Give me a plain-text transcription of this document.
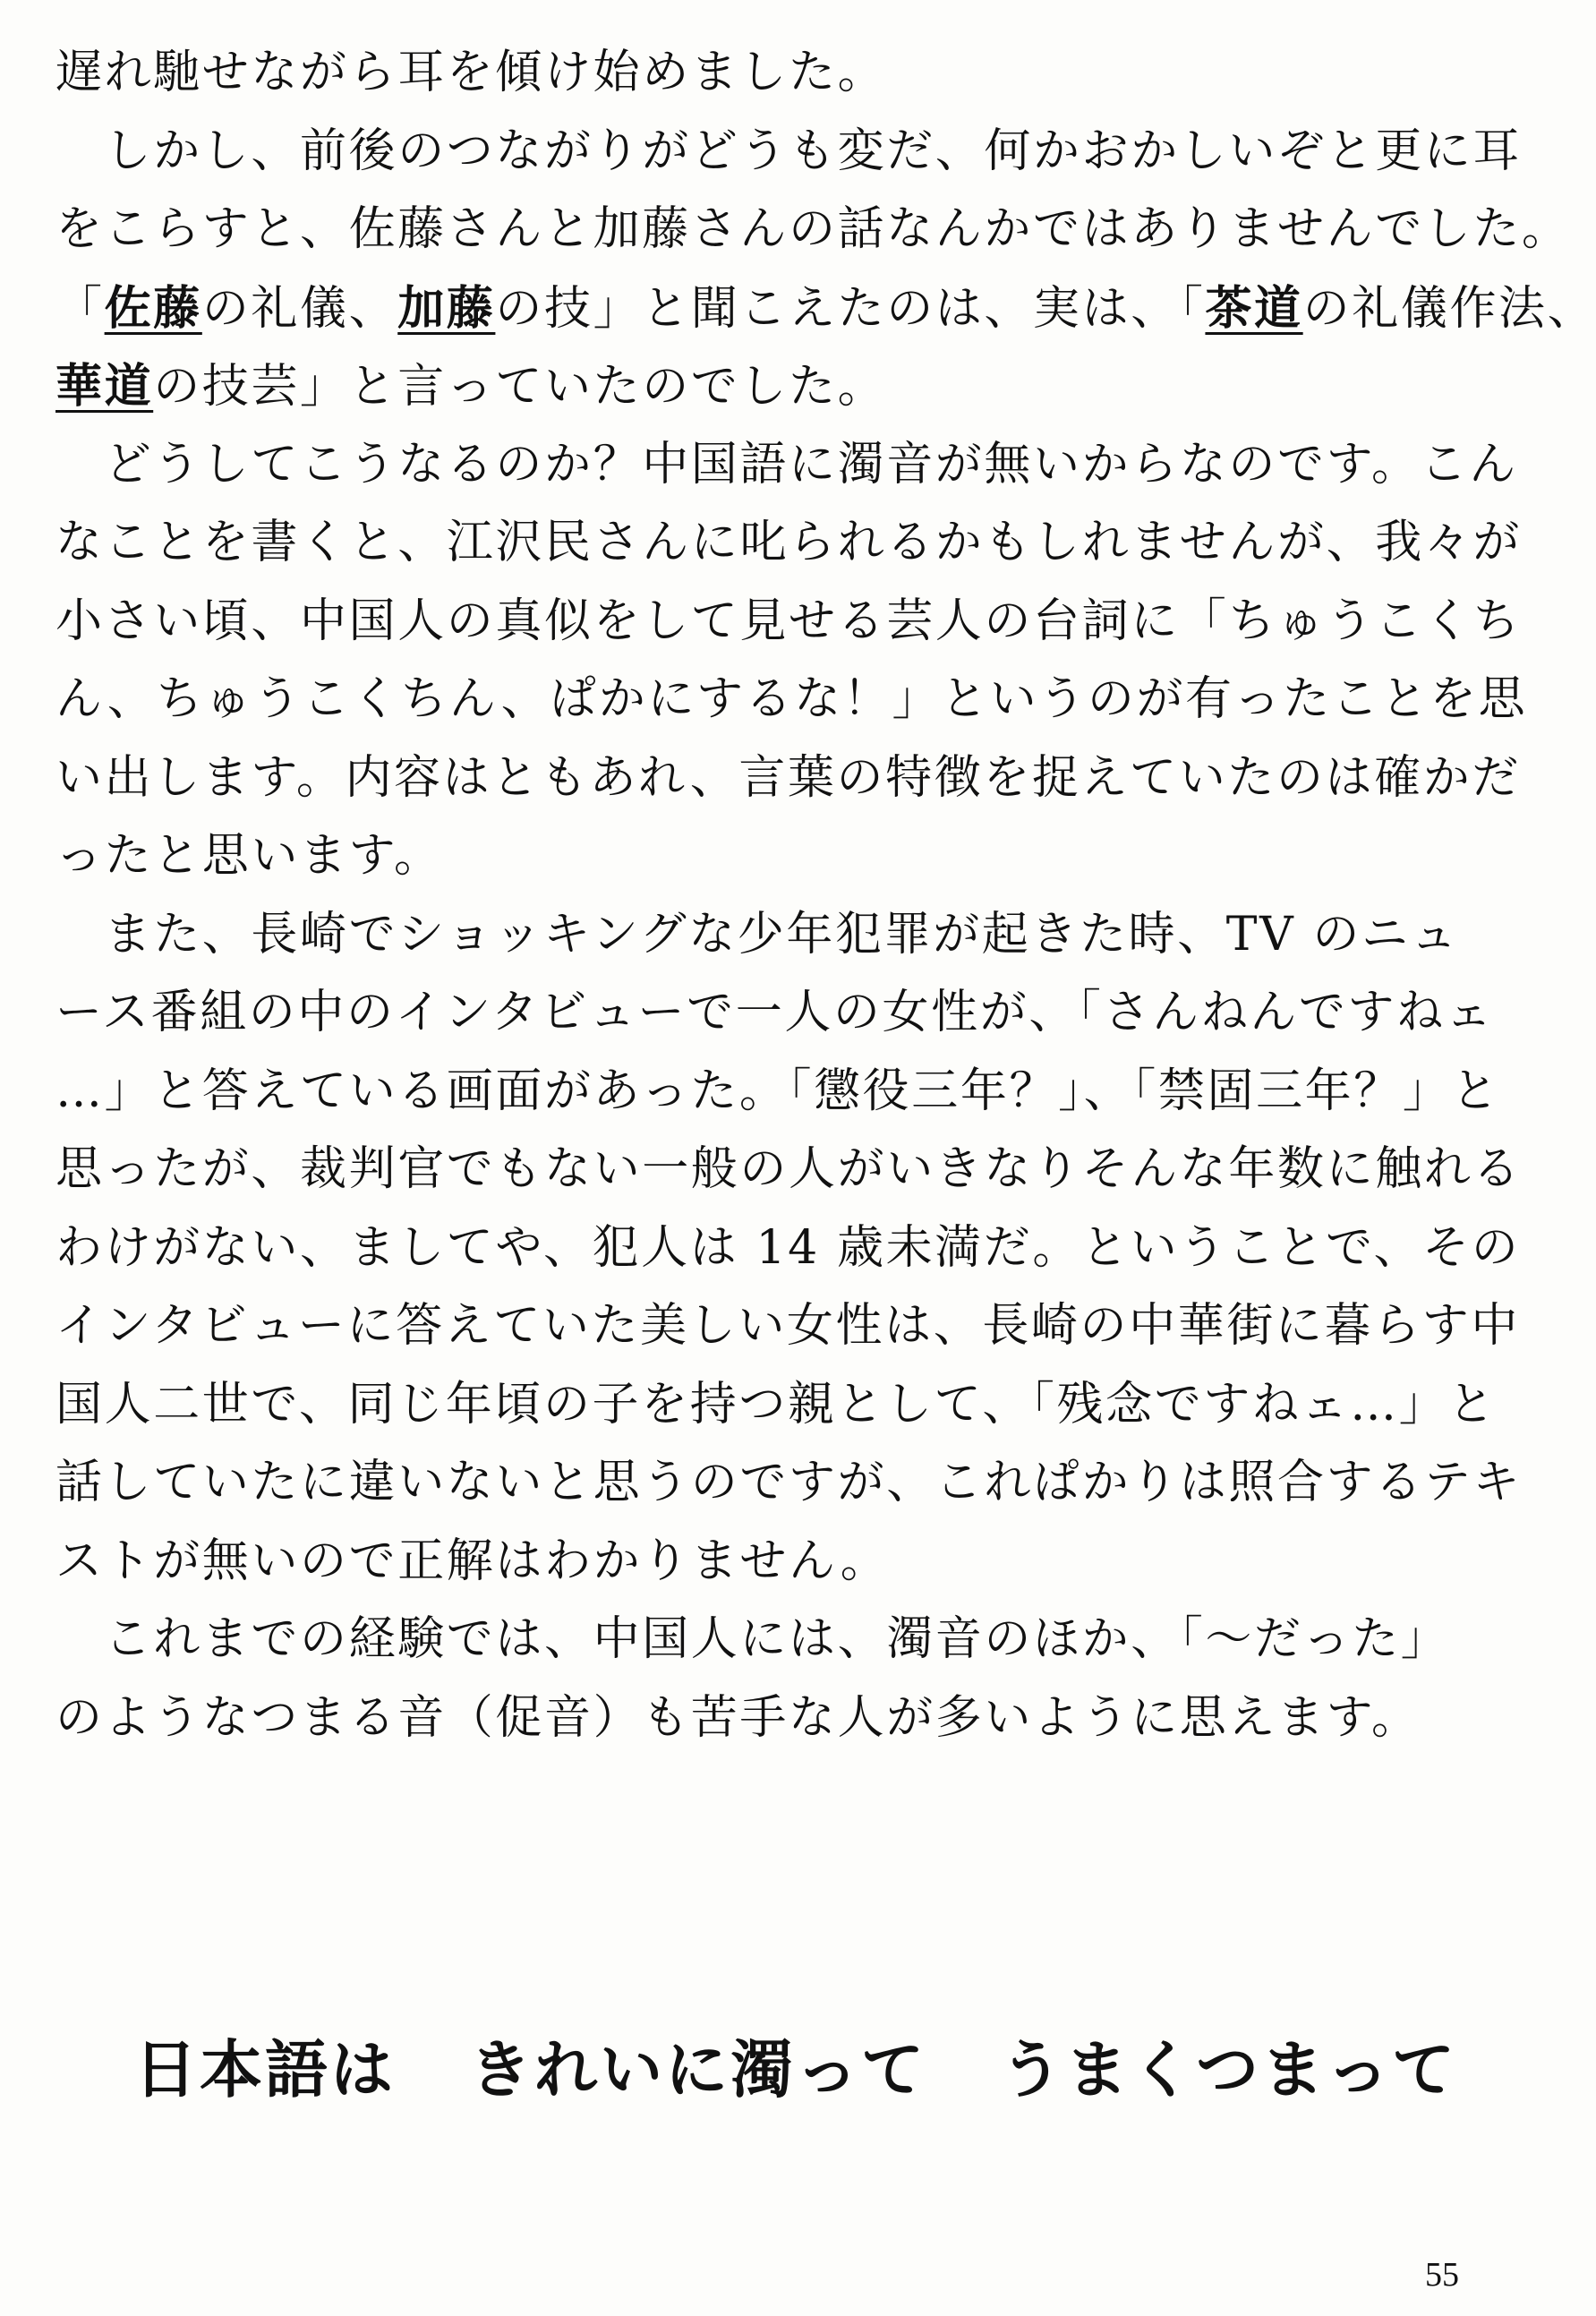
遅れ馳せながら耳を傾け始めました。
　しかし、前後のつながりがどうも変だ、何かおかしいぞと更に耳
をこらすと、佐藤さんと加藤さんの話なんかではありませんでした。
「佐藤の礼儀、加藤の技」と聞こえたのは、実は、「茶道の礼儀作法、
華道の技芸」と言っていたのでした。
　どうしてこうなるのか？中国語に濁音が無いからなのです。こん
なことを書くと、江沢民さんに叱られるかもしれませんが、我々が
小さい頃、中国人の真似をして見せる芸人の台詞に「ちゅうこくち
ん、ちゅうこくちん、ぱかにするな！」というのが有ったことを思
い出します。内容はともあれ、言葉の特徴を捉えていたのは確かだ
ったと思います。
　また、長崎でショッキングな少年犯罪が起きた時、TV のニュ
ース番組の中のインタビューで一人の女性が、「さんねんですねェ
…」と答えている画面があった。「懲役三年？」、「禁固三年？」と
思ったが、裁判官でもない一般の人がいきなりそんな年数に触れる
わけがない、ましてや、犯人は 14 歳未満だ。ということで、その
インタビューに答えていた美しい女性は、長崎の中華街に暮らす中
国人二世で、同じ年頃の子を持つ親として、「残念ですねェ…」と
話していたに違いないと思うのですが、これぱかりは照合するテキ
ストが無いので正解はわかりません。
　これまでの経験では、中国人には、濁音のほか、「〜だった」
のようなつまる音（促音）も苦手な人が多いように思えます。
日本語は きれいに濁って うまくつまって
55
